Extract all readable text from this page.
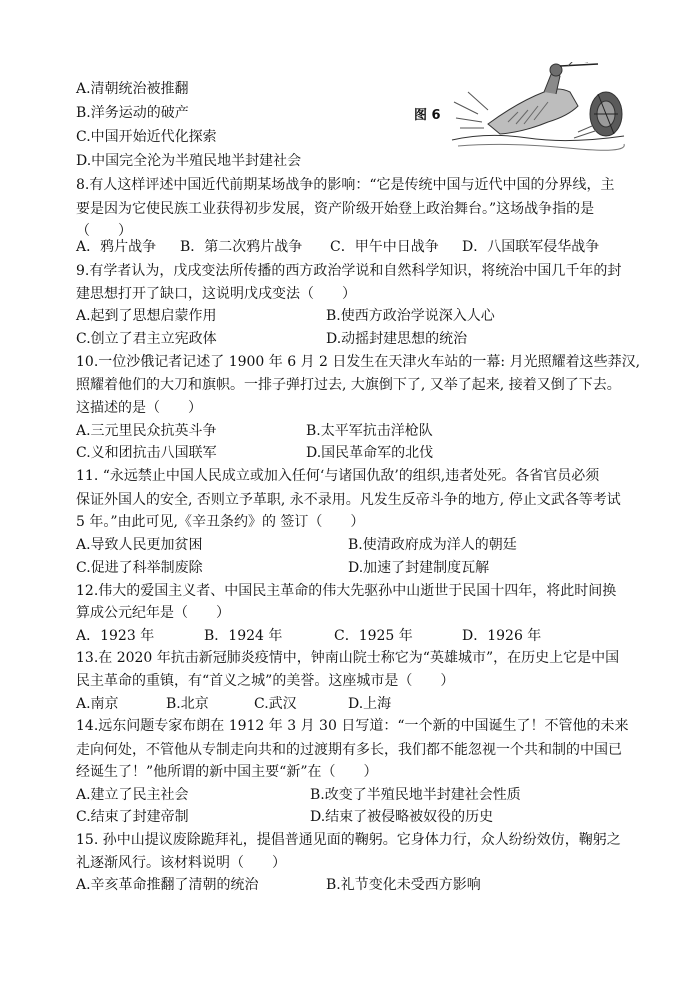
A.清朝统治被推翻
B.洋务运动的破产
C.中国开始近代化探索
D.中国完全沦为半殖民地半封建社会
图 6
8.有人这样评述中国近代前期某场战争的影响：“它是传统中国与近代中国的分界线，主
要是因为它使民族工业获得初步发展，资产阶级开始登上政治舞台。”这场战争指的是
（　　）
A．鸦片战争 B．第二次鸦片战争 C．甲午中日战争 D．八国联军侵华战争
9.有学者认为，戊戌变法所传播的西方政治学说和自然科学知识，将统治中国几千年的封
建思想打开了缺口，这说明戊戌变法（　　）
A.起到了思想启蒙作用	B.使西方政治学说深入人心
C.创立了君主立宪政体	D.动摇封建思想的统治
10.一位沙俄记者记述了 1900 年 6 月 2 日发生在天津火车站的一幕: 月光照耀着这些莽汉,
照耀着他们的大刀和旗帜。一排子弹打过去, 大旗倒下了, 又举了起来, 接着又倒了下去。
这描述的是（　　）
A.三元里民众抗英斗争	B.太平军抗击洋枪队
C.义和团抗击八国联军	D.国民革命军的北伐
11. “永远禁止中国人民成立或加入任何‘与诸国仇敌’的组织,违者处死。各省官员必须
保证外国人的安全, 否则立予革职, 永不录用。凡发生反帝斗争的地方, 停止文武各等考试
5 年。”由此可见,《辛丑条约》的 签订（　　）
A.导致人民更加贫困	B.使清政府成为洋人的朝廷
C.促进了科举制废除	D.加速了封建制度瓦解
12.伟大的爱国主义者、中国民主革命的伟大先驱孙中山逝世于民国十四年，将此时间换
算成公元纪年是（　　）
A．1923 年	B．1924 年	C．1925 年	D．1926 年
13.在 2020 年抗击新冠肺炎疫情中，钟南山院士称它为“英雄城市”，在历史上它是中国
民主革命的重镇，有“首义之城”的美誉。这座城市是（　　）
A.南京	B.北京	C.武汉	D.上海
14.远东问题专家布朗在 1912 年 3 月 30 日写道：“一个新的中国诞生了！不管他的未来
走向何处，不管他从专制走向共和的过渡期有多长，我们都不能忽视一个共和制的中国已
经诞生了！”他所谓的新中国主要“新”在（　　）
A.建立了民主社会	B.改变了半殖民地半封建社会性质
C.结束了封建帝制	D.结束了被侵略被奴役的历史
15. 孙中山提议废除跪拜礼，提倡普通见面的鞠躬。它身体力行，众人纷纷效仿，鞠躬之
礼逐渐风行。该材料说明（　　）
A.辛亥革命推翻了清朝的统治	B.礼节变化未受西方影响
